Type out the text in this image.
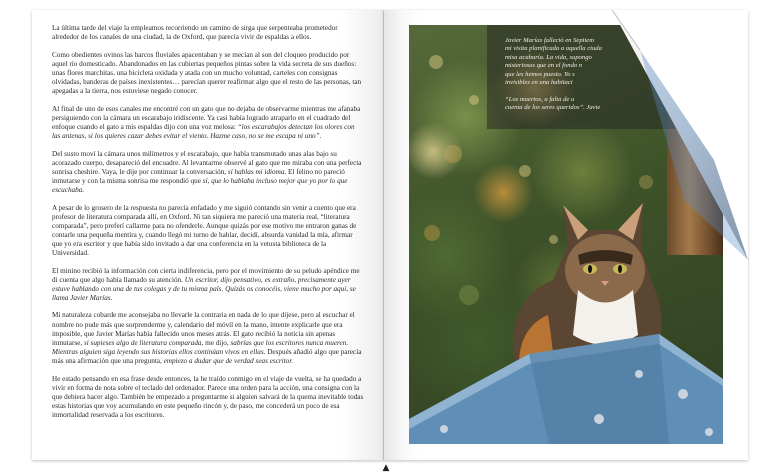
La última tarde del viaje la empleamos recorriendo un camino de sirga que serpenteaba prometedor alrededor de los canales de una ciudad, la de Oxford, que parecía vivir de espaldas a ellos.

Como obedientes ovinos las barcos fluviales apacentaban y se mecían al son del cloqueo producido por aquel río domesticado. Abandonados en las cubiertas pequeños pintas sobre la vida secreta de sus dueños: unas flores marchitas, una bicicleta oxidada y atada con un mucho voluntad, carteles con consignas olvidadas, banderas de países inexistentes… parecían querer reafirmar algo que el resto de las personas, tan apegadas a la tierra, nos estuviese negado conocer.

Al final de uno de esos canales me encontré con un gato que no dejaba de observarme mientras me afanaba persiguiendo con la cámara un escarabajo iridiscente. Ya casi había logrado atraparlo en el cuadrado del enfoque cuando el gato a mis espaldas dijo con una voz melosa: “los escarabajos detectan los olores con las antenas, si los quieres cazar debes evitar el viento. Hazme caso, no se me escapa ni uno”.

Del susto moví la cámara unos milímetros y el escarabajo, que había transmutado unas alas bajo su acorazado cuerpo, desapareció del encuadre. Al levantarme observé al gato que me miraba con una perfecta sonrisa cheshire. Vaya, le dije por continuar la conversación, sí hablas mi idioma. El felino no pareció inmutarse y con la misma sonrisa me respondió que sí, que lo hablaba incluso mejor que yo por lo que escuchaba.

A pesar de lo grosero de la respuesta no parecía enfadado y me siguió contando sin venir a cuento que era profesor de literatura comparada allí, en Oxford. Ni tan siquiera me pareció una materia real, “literatura comparada”, pero preferí callarme para no ofenderle. Aunque quizás por ese motivo me entraron ganas de contarle una pequeña mentira y, cuando llegó mi turno de hablar, decidí, absurda vanidad la mía, afirmar que yo era escritor y que había sido invitado a dar una conferencia en la vetusta biblioteca de la Universidad.

El minino recibió la información con cierta indiferencia, pero por el movimiento de su peludo apéndice me di cuenta que algo había llamado su atención. Un escritor, dijo pensativo, es extraño, precisamente ayer estuve hablando con una de tus colegas y de tu misma país. Quizás os conocéis, viene mucho por aquí, se llama Javier Marías.

Mi naturaleza cobarde me aconsejaba no llevarle la contraria en nada de lo que dijese, pero al escuchar el nombre no pude más que sorprenderme y, calendario del móvil en la mano, intente explicarle que era imposible, que Javier Marías había fallecido unos meses atrás. El gato recibió la noticia sin apenas inmutarse, si supieses algo de literatura comparada, me dijo, sabrías que los escritores nunca mueren. Mientras alguien siga leyendo sus historias ellos continúan vivos en ellas. Después añadió algo que parecía más una afirmación que una pregunta, empiezo a dudar que de verdad seas escritor.

He estado pensando en esa frase desde entonces, la he traído conmigo en el viaje de vuelta, se ha quedado a vivir en forma de nota sobre el teclado del ordenador. Parece una orden para la acción, una consigna con la que debiera hacer algo. También he empezado a preguntarme si alguien salvará de la quema inevitable todas estas historias que voy acumulando en este pequeño rincón y, de paso, me concederá un poco de esa inmortalidad reservada a los escritores.

Javier Marías falleció en Septiem
mi visita planificada a aquella ciuda
misa acabaría. La vida, supongo
misteriosas que en el fondo n
que les hemos puesto. Yo s
invisibles en una habitaci

“Los muertos, a falta de u
cuenta de los seres queridos”. Javie
▲
